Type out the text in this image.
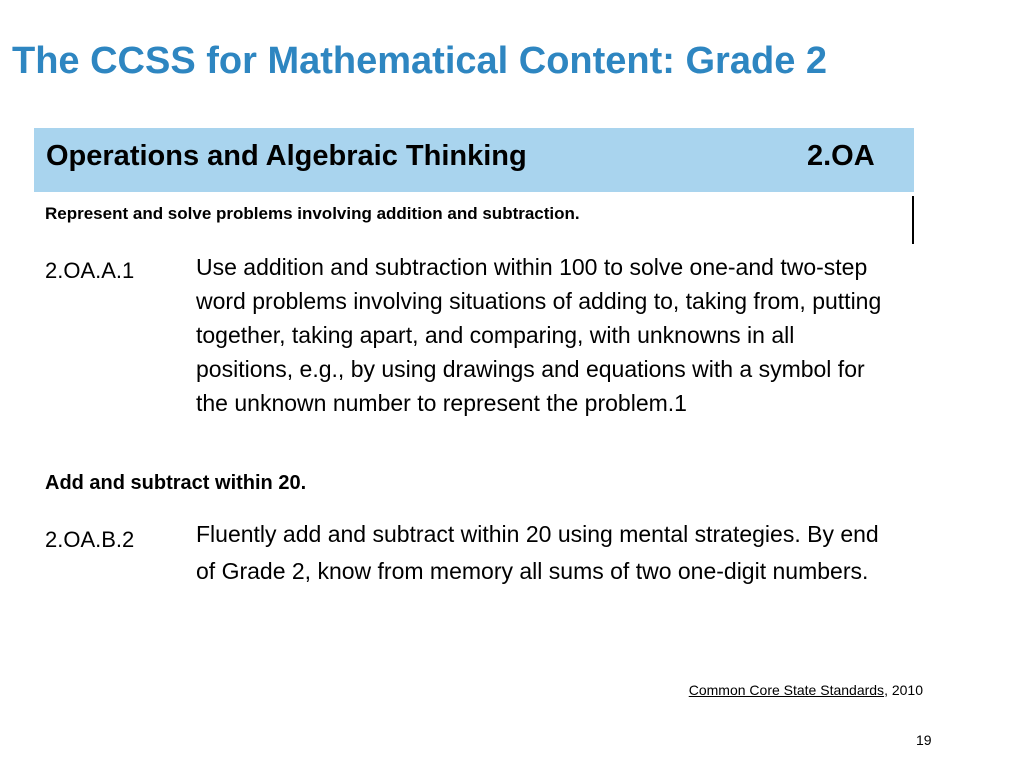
The CCSS for Mathematical Content: Grade 2
Operations and Algebraic Thinking	2.OA

Represent and solve problems involving addition and subtraction.

2.OA.A.1	Use addition and subtraction within 100 to solve one-and two-step word problems involving situations of adding to, taking from, putting together, taking apart, and comparing, with unknowns in all positions, e.g., by using drawings and equations with a symbol for the unknown number to represent the problem.1

Add and subtract within 20.

2.OA.B.2	Fluently add and subtract within 20 using mental strategies. By end of Grade 2, know from memory all sums of two one-digit numbers.

Common Core State Standards, 2010
19
